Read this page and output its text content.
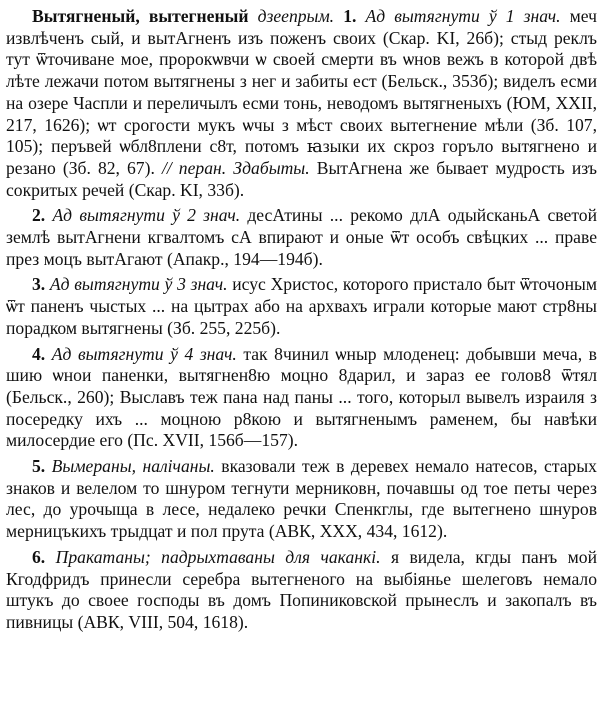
Вытягненый, вытегненый дзеепрым. 1. Ад вытягнути ў 1 знач. меч извлѣченъ сый, и вытАгненъ изъ поженъ своих (Скар. KI, 26б); стыд реклъ тут ѿточиване мое, пророкѡвчи ѡ своей смерти въ ѡнов вежъ в которой двѣ лѣте лежачи потом вытягнены з нег и забиты ест (Бельск., 353б); виделъ есми на озере Часпли и переличылъ есми тонь, неводомъ вытягненыхъ (ЮМ, XXII, 217, 1626); ѡт срогости мукъ ѡчы з мѣст своих вытегнение мѣли (Зб. 107, 105); перъвей ѡбл8плени с8т, потомъ ꙗзыки их скроз горъло вытягнено и резано (Зб. 82, 67). // перан. Здабыты. ВытАгнена же бывает мудрость изъ сокритых речей (Скар. KI, 33б).

2. Ад вытягнути ў 2 знач. десАтины ... рекомо длА одыйсканьА светой землѣ вытАгнени кгвалтомъ сА впирают и оные ѿт особъ свѣцких ... праве през моцъ вытАгают (Апакр., 194—194б).

3. Ад вытягнути ў 3 знач. исус Христос, которого пристало быт ѿточоным ѿт паненъ чыстых ... на цытрах або на архвахъ играли которые мают стр8ны порадком вытягнены (Зб. 255, 225б).

4. Ад вытягнути ў 4 знач. так 8чинил ѡныр млоденец: добывши меча, в шию ѡнои паненки, вытягнен8ю моцно 8дарил, и зараз ее голов8 ѿтял (Бельск., 260); Выславъ теж пана над паны ... того, которыл вывелъ израиля з посередку ихъ ... моцною р8кою и вытягненымъ раменем, бы навѣки милосердие его (Пс. XVII, 156б—157).

5. Вымераны, налічаны. вказовали теж в деревех немало натесов, старых знаков и велелом то шнуром тегнути мерниковн, почавшы од тое петы через лес, до урочыща в лесе, недалеко речки Спенкглы, где вытегнено шнуров мерницъкихъ трыдцат и пол прута (АВК, XXX, 434, 1612).

6. Пракатаны; падрыхтаваны для чаканкі. я видела, кгды панъ мой Кгодфридъ принесли серебра вытегненого на выбіянье шелеговъ немало штукъ до своее господы въ домъ Попиниковской прынеслъ и закопалъ въ пивницы (АВК, VIII, 504, 1618).
